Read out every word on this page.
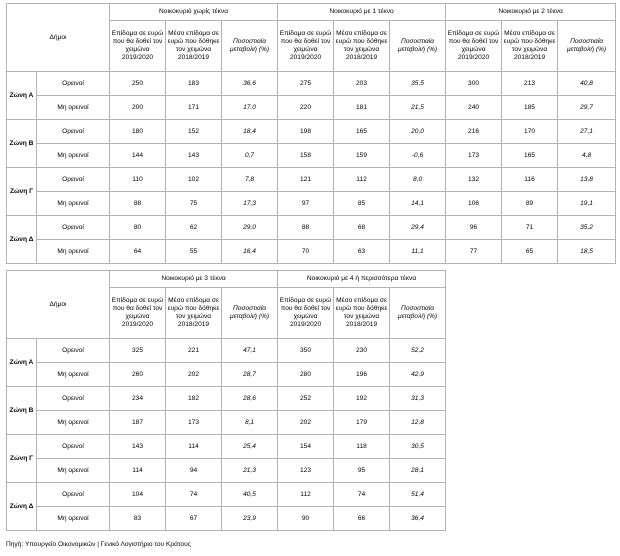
Δήμοι		Νοικοκυριό χωρίς τέκνα			Νοικοκυριό με 1 τέκνο			Νοικοκυριό με 2 τέκνα		
		Επίδομα σε ευρώ που θα δοθεί τον χειμώνα 2019/2020	Μέσο επίδομα σε ευρώ που δόθηκε τον χειμώνα 2018/2019	Ποσοστιαία μεταβολή (%)	Επίδομα σε ευρώ που θα δοθεί τον χειμώνα 2019/2020	Μέσο επίδομα σε ευρώ που δόθηκε τον χειμώνα 2018/2019	Ποσοστιαία μεταβολή (%)	Επίδομα σε ευρώ που θα δοθεί τον χειμώνα 2019/2020	Μέσο επίδομα σε ευρώ που δόθηκε τον χειμώνα 2018/2019	Ποσοστιαία μεταβολή (%)
Ζώνη Α	Ορεινοί	250	183	36,6	275	203	35,5	300	213	40,8
	Μη ορεινοί	200	171	17,0	220	181	21,5	240	185	29,7
Ζώνη Β	Ορεινοί	180	152	18,4	198	165	20,0	216	170	27,1
	Μη ορεινοί	144	143	0,7	158	159	-0,6	173	165	4,8
Ζώνη Γ	Ορεινοί	110	102	7,8	121	112	8,0	132	116	13,8
	Μη ορεινοί	88	75	17,3	97	85	14,1	106	89	19,1
Ζώνη Δ	Ορεινοί	80	62	29,0	88	68	29,4	96	71	35,2
	Μη ορεινοί	64	55	16,4	70	63	11,1	77	65	18,5
Δήμοι		Νοικοκυριό με 3 τέκνα			Νοικοκυριό με 4 ή περισσότερα τέκνα		
		Επίδομα σε ευρώ που θα δοθεί τον χειμώνα 2019/2020	Μέσο επίδομα σε ευρώ που δόθηκε τον χειμώνα 2018/2019	Ποσοστιαία μεταβολή (%)	Επίδομα σε ευρώ που θα δοθεί τον χειμώνα 2019/2020	Μέσο επίδομα σε ευρώ που δόθηκε τον χειμώνα 2018/2019	Ποσοστιαία μεταβολή (%)
Ζώνη Α	Ορεινοί	325	221	47,1	350	230	52,2
	Μη ορεινοί	260	202	28,7	280	196	42,9
Ζώνη Β	Ορεινοί	234	182	28,6	252	192	31,3
	Μη ορεινοί	187	173	8,1	202	179	12,8
Ζώνη Γ	Ορεινοί	143	114	25,4	154	118	30,5
	Μη ορεινοί	114	94	21,3	123	95	28,1
Ζώνη Δ	Ορεινοί	104	74	40,5	112	74	51,4
	Μη ορεινοί	83	67	23,9	90	66	36,4
Πηγή: Υπουργείο Οικονομικών | Γενικό Λογιστήριο του Κράτους
